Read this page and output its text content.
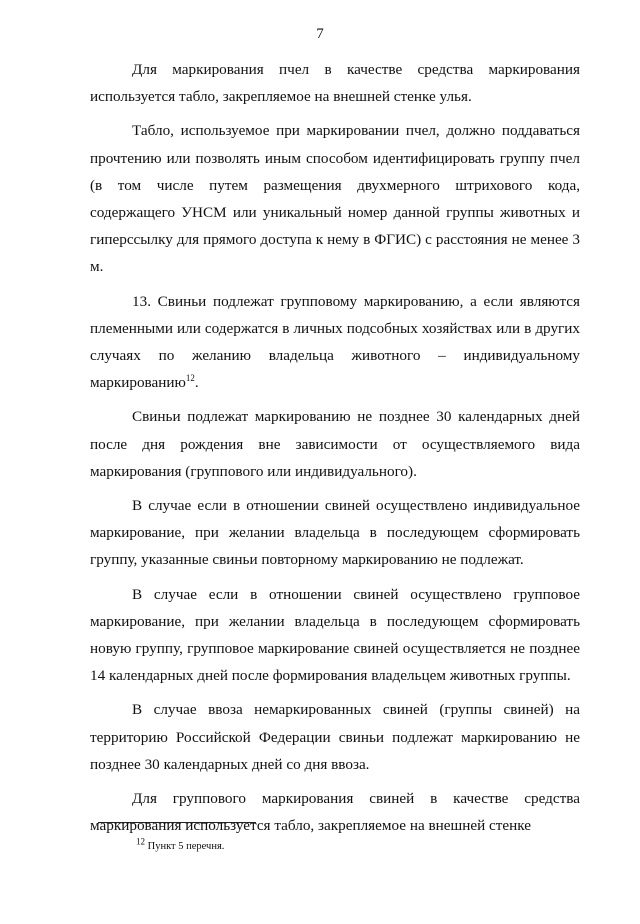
7

Для маркирования пчел в качестве средства маркирования используется табло, закрепляемое на внешней стенке улья.

Табло, используемое при маркировании пчел, должно поддаваться прочтению или позволять иным способом идентифицировать группу пчел (в том числе путем размещения двухмерного штрихового кода, содержащего УНСМ или уникальный номер данной группы животных и гиперссылку для прямого доступа к нему в ФГИС) с расстояния не менее 3 м.

13. Свиньи подлежат групповому маркированию, а если являются племенными или содержатся в личных подсобных хозяйствах или в других случаях по желанию владельца животного – индивидуальному маркированию$^{12}$.

Свиньи подлежат маркированию не позднее 30 календарных дней после дня рождения вне зависимости от осуществляемого вида маркирования (группового или индивидуального).

В случае если в отношении свиней осуществлено индивидуальное маркирование, при желании владельца в последующем сформировать группу, указанные свиньи повторному маркированию не подлежат.

В случае если в отношении свиней осуществлено групповое маркирование, при желании владельца в последующем сформировать новую группу, групповое маркирование свиней осуществляется не позднее 14 календарных дней после формирования владельцем животных группы.

В случае ввоза немаркированных свиней (группы свиней) на территорию Российской Федерации свиньи подлежат маркированию не позднее 30 календарных дней со дня ввоза.

Для группового маркирования свиней в качестве средства маркирования используется табло, закрепляемое на внешней стенке

$^{12}$ Пункт 5 перечня.
